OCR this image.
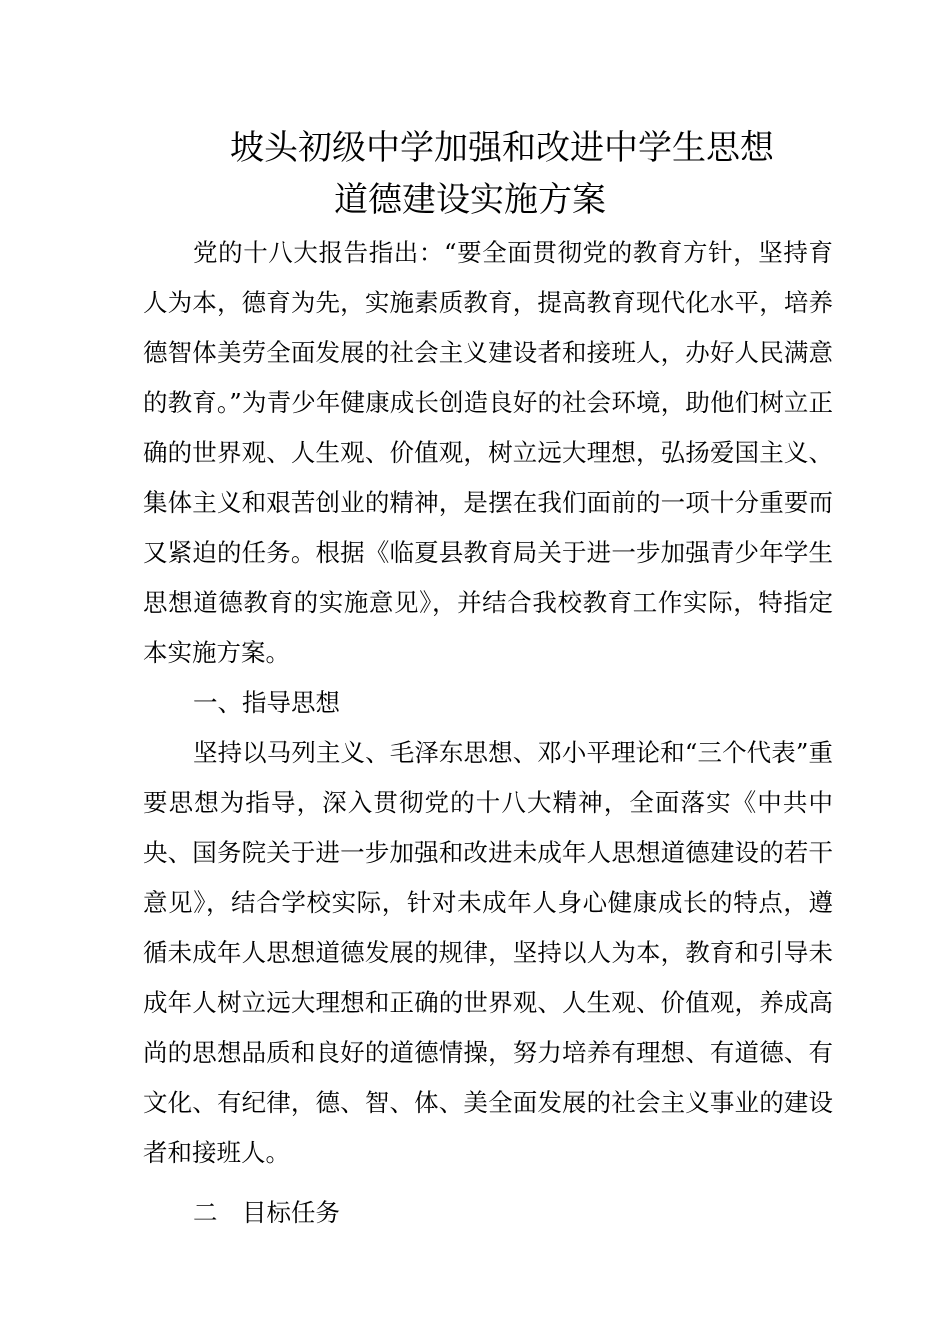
坡头初级中学加强和改进中学生思想
道德建设实施方案

党的十八大报告指出：“要全面贯彻党的教育方针，坚持育人为本，德育为先，实施素质教育，提高教育现代化水平，培养德智体美劳全面发展的社会主义建设者和接班人，办好人民满意的教育。”为青少年健康成长创造良好的社会环境，助他们树立正确的世界观、人生观、价值观，树立远大理想，弘扬爱国主义、集体主义和艰苦创业的精神，是摆在我们面前的一项十分重要而又紧迫的任务。根据《临夏县教育局关于进一步加强青少年学生思想道德教育的实施意见》，并结合我校教育工作实际，特指定本实施方案。

一、指导思想

坚持以马列主义、毛泽东思想、邓小平理论和“三个代表”重要思想为指导，深入贯彻党的十八大精神，全面落实《中共中央、国务院关于进一步加强和改进未成年人思想道德建设的若干意见》，结合学校实际，针对未成年人身心健康成长的特点，遵循未成年人思想道德发展的规律，坚持以人为本，教育和引导未成年人树立远大理想和正确的世界观、人生观、价值观，养成高尚的思想品质和良好的道德情操，努力培养有理想、有道德、有文化、有纪律，德、智、体、美全面发展的社会主义事业的建设者和接班人。

二　目标任务
